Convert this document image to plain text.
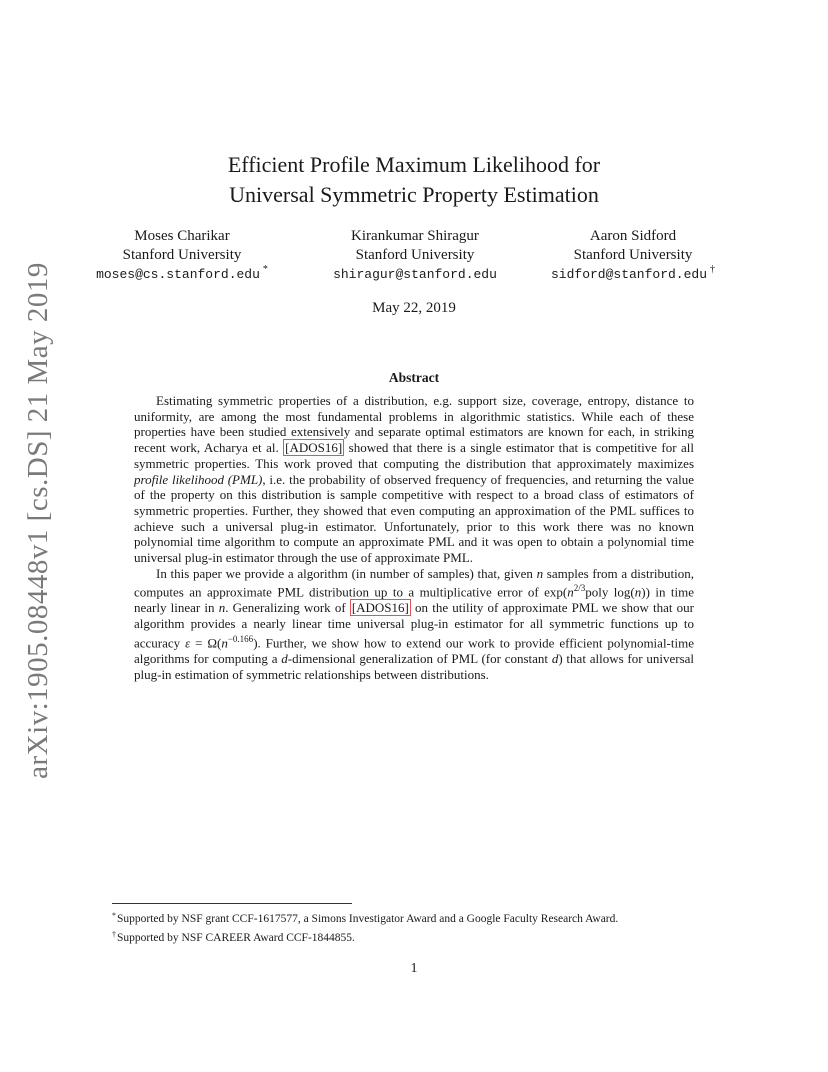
arXiv:1905.08448v1 [cs.DS] 21 May 2019
Efficient Profile Maximum Likelihood for
Universal Symmetric Property Estimation
Moses Charikar
Stanford University
moses@cs.stanford.edu *
Kirankumar Shiragur
Stanford University
shiragur@stanford.edu
Aaron Sidford
Stanford University
sidford@stanford.edu †
May 22, 2019
Abstract

Estimating symmetric properties of a distribution, e.g. support size, coverage, entropy, distance to uniformity, are among the most fundamental problems in algorithmic statistics. While each of these properties have been studied extensively and separate optimal estimators are known for each, in striking recent work, Acharya et al. [ADOS16] showed that there is a single estimator that is competitive for all symmetric properties. This work proved that computing the distribution that approximately maximizes profile likelihood (PML), i.e. the probability of observed frequency of frequencies, and returning the value of the property on this distribution is sample competitive with respect to a broad class of estimators of symmetric properties. Further, they showed that even computing an approximation of the PML suffices to achieve such a universal plug-in estimator. Unfortunately, prior to this work there was no known polynomial time algorithm to compute an approximate PML and it was open to obtain a polynomial time universal plug-in estimator through the use of approximate PML.

In this paper we provide a algorithm (in number of samples) that, given n samples from a distribution, computes an approximate PML distribution up to a multiplicative error of $\exp(n^{2/3}poly$ log(n)) in time nearly linear in n. Generalizing work of [ADOS16] on the utility of approximate PML we show that our algorithm provides a nearly linear time universal plug-in estimator for all symmetric functions up to accuracy $\varepsilon = \Omega(n^{-0.166})$. Further, we show how to extend our work to provide efficient polynomial-time algorithms for computing a d-dimensional generalization of PML (for constant d) that allows for universal plug-in estimation of symmetric relationships between distributions.

*Supported by NSF grant CCF-1617577, a Simons Investigator Award and a Google Faculty Research Award.
†Supported by NSF CAREER Award CCF-1844855.
1
